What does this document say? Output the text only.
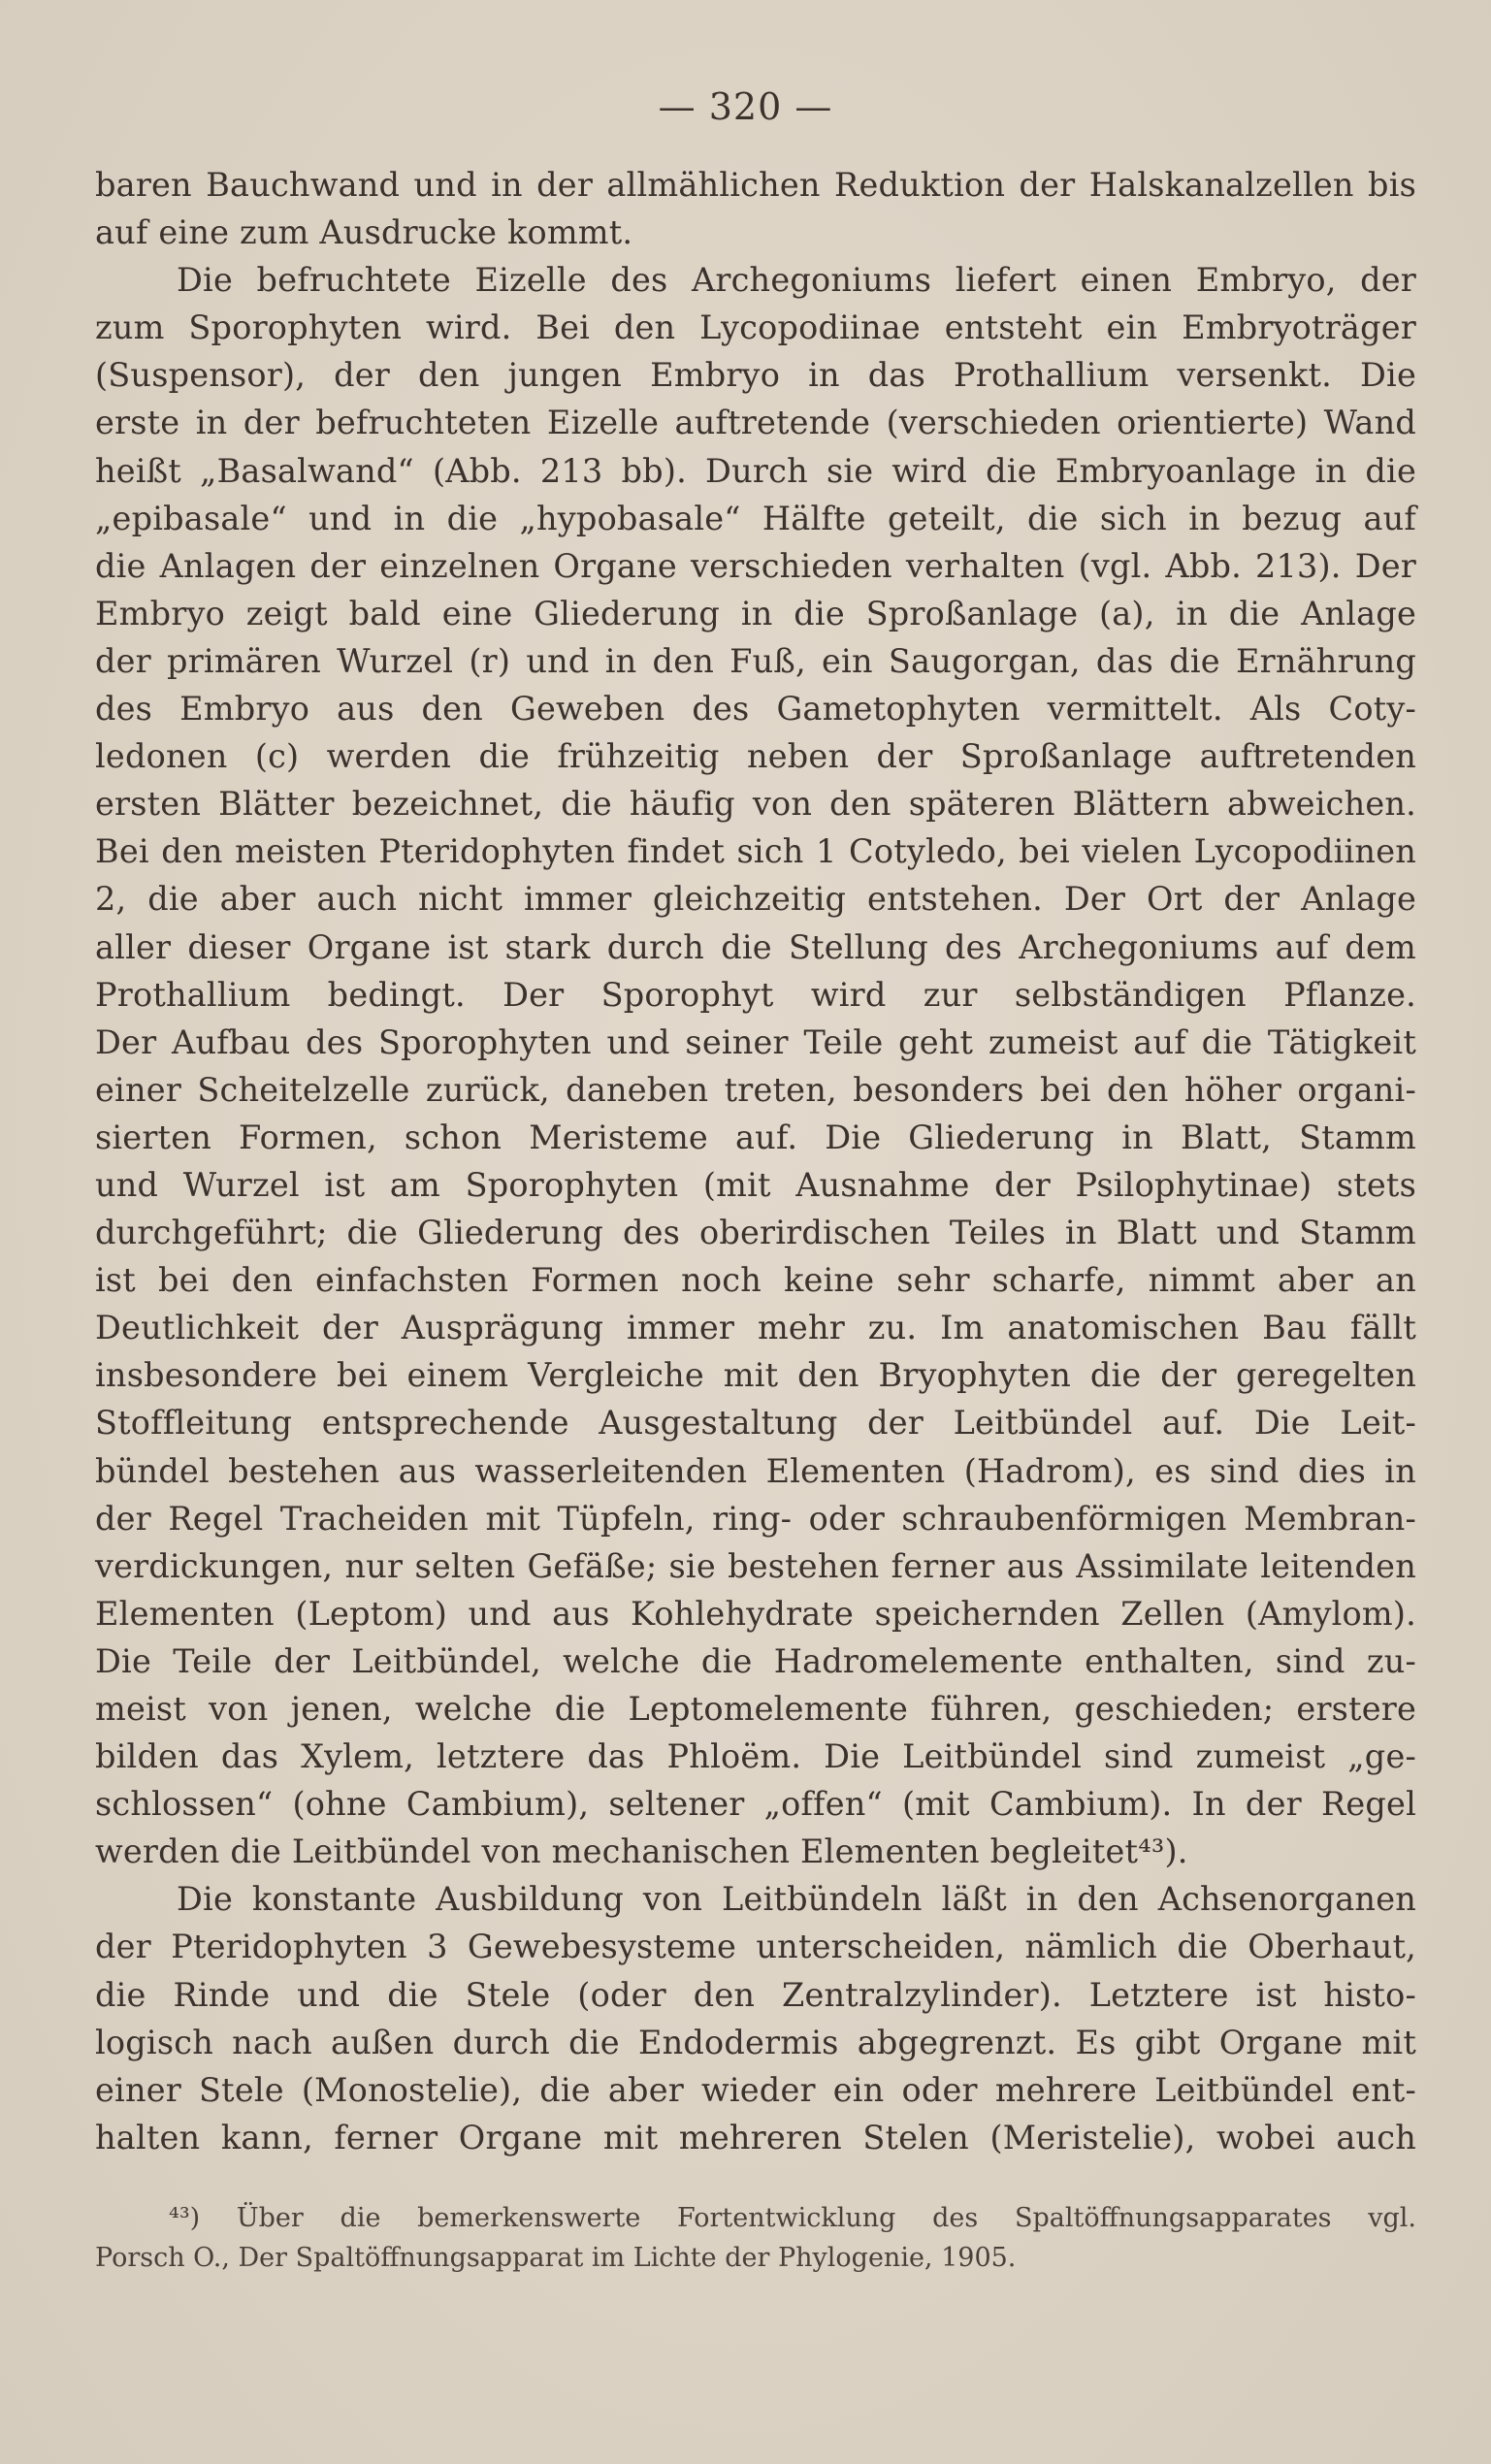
— 320 —
baren Bauchwand und in der allmählichen Reduktion der Halskanalzellen bis
auf eine zum Ausdrucke kommt.
Die befruchtete Eizelle des Archegoniums liefert einen Embryo, der
zum Sporophyten wird. Bei den Lycopodiinae entsteht ein Embryoträger
(Suspensor), der den jungen Embryo in das Prothallium versenkt. Die
erste in der befruchteten Eizelle auftretende (verschieden orientierte) Wand
heißt „Basalwand“ (Abb. 213 bb). Durch sie wird die Embryoanlage in die
„epibasale“ und in die „hypobasale“ Hälfte geteilt, die sich in bezug auf
die Anlagen der einzelnen Organe verschieden verhalten (vgl. Abb. 213). Der
Embryo zeigt bald eine Gliederung in die Sproßanlage (a), in die Anlage
der primären Wurzel (r) und in den Fuß, ein Saugorgan, das die Ernährung
des Embryo aus den Geweben des Gametophyten vermittelt. Als Coty-
ledonen (c) werden die frühzeitig neben der Sproßanlage auftretenden
ersten Blätter bezeichnet, die häufig von den späteren Blättern abweichen.
Bei den meisten Pteridophyten findet sich 1 Cotyledo, bei vielen Lycopodiinen
2, die aber auch nicht immer gleichzeitig entstehen. Der Ort der Anlage
aller dieser Organe ist stark durch die Stellung des Archegoniums auf dem
Prothallium bedingt. Der Sporophyt wird zur selbständigen Pflanze.
Der Aufbau des Sporophyten und seiner Teile geht zumeist auf die Tätigkeit
einer Scheitelzelle zurück, daneben treten, besonders bei den höher organi-
sierten Formen, schon Meristeme auf. Die Gliederung in Blatt, Stamm
und Wurzel ist am Sporophyten (mit Ausnahme der Psilophytinae) stets
durchgeführt; die Gliederung des oberirdischen Teiles in Blatt und Stamm
ist bei den einfachsten Formen noch keine sehr scharfe, nimmt aber an
Deutlichkeit der Ausprägung immer mehr zu. Im anatomischen Bau fällt
insbesondere bei einem Vergleiche mit den Bryophyten die der geregelten
Stoffleitung entsprechende Ausgestaltung der Leitbündel auf. Die Leit-
bündel bestehen aus wasserleitenden Elementen (Hadrom), es sind dies in
der Regel Tracheiden mit Tüpfeln, ring- oder schraubenförmigen Membran-
verdickungen, nur selten Gefäße; sie bestehen ferner aus Assimilate leitenden
Elementen (Leptom) und aus Kohlehydrate speichernden Zellen (Amylom).
Die Teile der Leitbündel, welche die Hadromelemente enthalten, sind zu-
meist von jenen, welche die Leptomelemente führen, geschieden; erstere
bilden das Xylem, letztere das Phloëm. Die Leitbündel sind zumeist „ge-
schlossen“ (ohne Cambium), seltener „offen“ (mit Cambium). In der Regel
werden die Leitbündel von mechanischen Elementen begleitet⁴³).
Die konstante Ausbildung von Leitbündeln läßt in den Achsenorganen
der Pteridophyten 3 Gewebesysteme unterscheiden, nämlich die Oberhaut,
die Rinde und die Stele (oder den Zentralzylinder). Letztere ist histo-
logisch nach außen durch die Endodermis abgegrenzt. Es gibt Organe mit
einer Stele (Monostelie), die aber wieder ein oder mehrere Leitbündel ent-
halten kann, ferner Organe mit mehreren Stelen (Meristelie), wobei auch
⁴³) Über die bemerkenswerte Fortentwicklung des Spaltöffnungsapparates vgl.
Porsch O., Der Spaltöffnungsapparat im Lichte der Phylogenie, 1905.
